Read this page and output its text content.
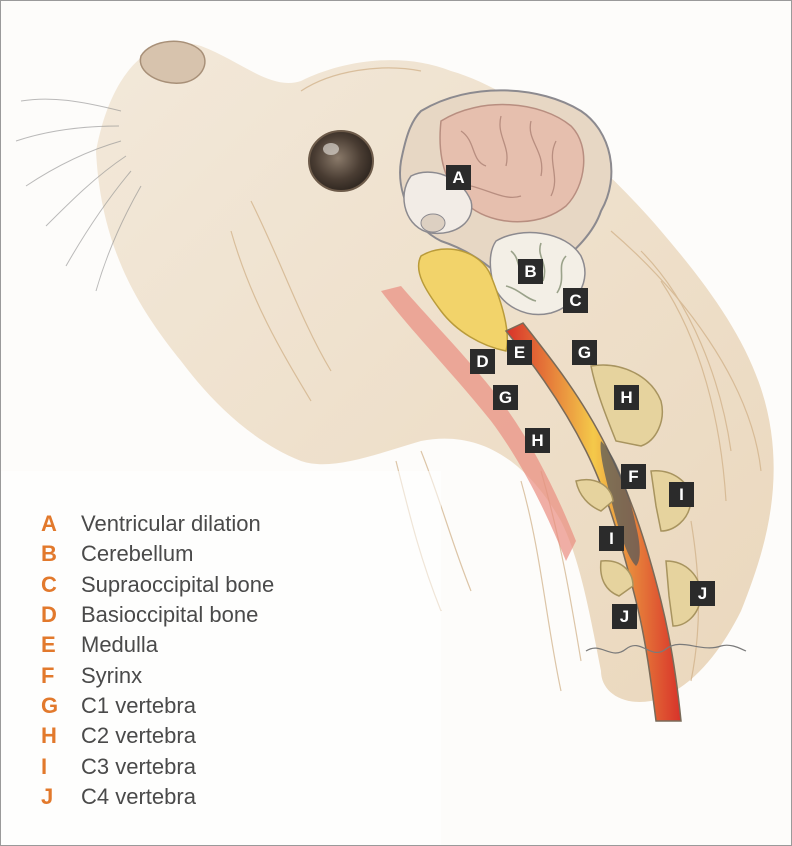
A
B
C
D	E	G
G	H
H
F
I
I
J
J
A	Ventricular dilation
B	Cerebellum
C	Supraoccipital bone
D	Basioccipital bone
E	Medulla
F	Syrinx
G	C1 vertebra
H	C2 vertebra
I	C3 vertebra
J	C4 vertebra
